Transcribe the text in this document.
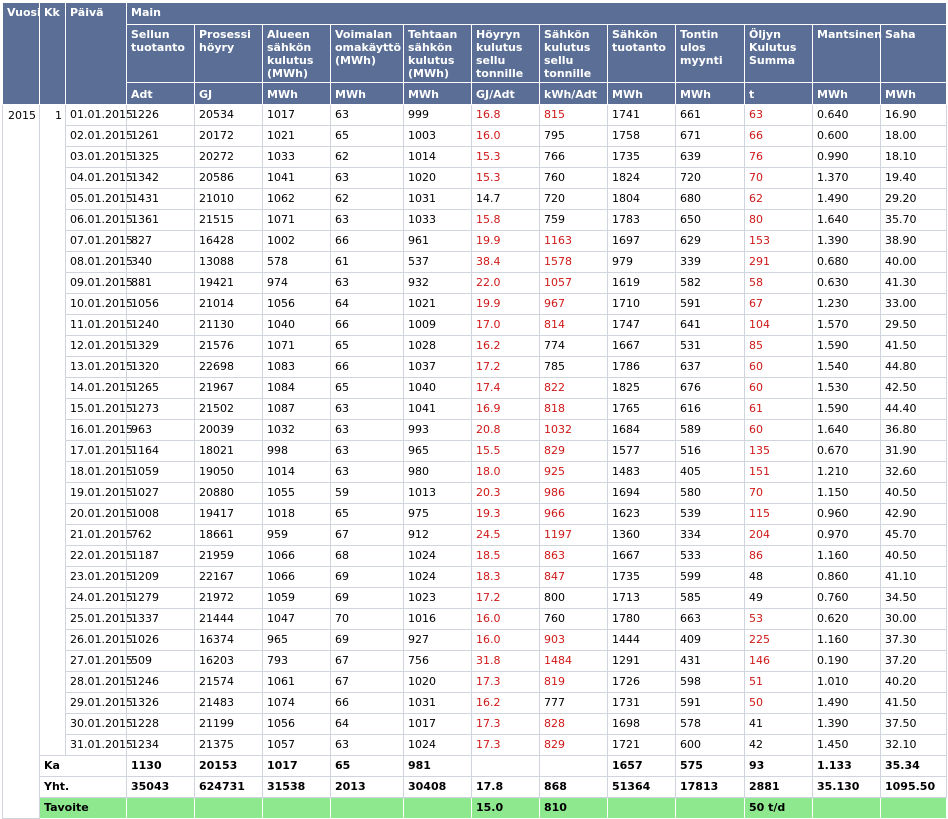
Vuosi	Kk	Päivä	Main											
			Sellun tuotanto	Prosessi höyry	Alueen sähkön kulutus (MWh)	Voimalan omakäyttö (MWh)	Tehtaan sähkön kulutus (MWh)	Höyryn kulutus sellu tonnille	Sähkön kulutus sellu tonnille	Sähkön tuotanto	Tontin ulos myynti	Öljyn Kulutus Summa	Mantsinen	Saha
			Adt	GJ	MWh	MWh	MWh	GJ/Adt	kWh/Adt	MWh	MWh	t	MWh	MWh
2015	1	01.01.2015	1226	20534	1017	63	999	16.8	815	1741	661	63	0.640	16.90
		02.01.2015	1261	20172	1021	65	1003	16.0	795	1758	671	66	0.600	18.00
		03.01.2015	1325	20272	1033	62	1014	15.3	766	1735	639	76	0.990	18.10
		04.01.2015	1342	20586	1041	63	1020	15.3	760	1824	720	70	1.370	19.40
		05.01.2015	1431	21010	1062	62	1031	14.7	720	1804	680	62	1.490	29.20
		06.01.2015	1361	21515	1071	63	1033	15.8	759	1783	650	80	1.640	35.70
		07.01.2015	827	16428	1002	66	961	19.9	1163	1697	629	153	1.390	38.90
		08.01.2015	340	13088	578	61	537	38.4	1578	979	339	291	0.680	40.00
		09.01.2015	881	19421	974	63	932	22.0	1057	1619	582	58	0.630	41.30
		10.01.2015	1056	21014	1056	64	1021	19.9	967	1710	591	67	1.230	33.00
		11.01.2015	1240	21130	1040	66	1009	17.0	814	1747	641	104	1.570	29.50
		12.01.2015	1329	21576	1071	65	1028	16.2	774	1667	531	85	1.590	41.50
		13.01.2015	1320	22698	1083	66	1037	17.2	785	1786	637	60	1.540	44.80
		14.01.2015	1265	21967	1084	65	1040	17.4	822	1825	676	60	1.530	42.50
		15.01.2015	1273	21502	1087	63	1041	16.9	818	1765	616	61	1.590	44.40
		16.01.2015	963	20039	1032	63	993	20.8	1032	1684	589	60	1.640	36.80
		17.01.2015	1164	18021	998	63	965	15.5	829	1577	516	135	0.670	31.90
		18.01.2015	1059	19050	1014	63	980	18.0	925	1483	405	151	1.210	32.60
		19.01.2015	1027	20880	1055	59	1013	20.3	986	1694	580	70	1.150	40.50
		20.01.2015	1008	19417	1018	65	975	19.3	966	1623	539	115	0.960	42.90
		21.01.2015	762	18661	959	67	912	24.5	1197	1360	334	204	0.970	45.70
		22.01.2015	1187	21959	1066	68	1024	18.5	863	1667	533	86	1.160	40.50
		23.01.2015	1209	22167	1066	69	1024	18.3	847	1735	599	48	0.860	41.10
		24.01.2015	1279	21972	1059	69	1023	17.2	800	1713	585	49	0.760	34.50
		25.01.2015	1337	21444	1047	70	1016	16.0	760	1780	663	53	0.620	30.00
		26.01.2015	1026	16374	965	69	927	16.0	903	1444	409	225	1.160	37.30
		27.01.2015	509	16203	793	67	756	31.8	1484	1291	431	146	0.190	37.20
		28.01.2015	1246	21574	1061	67	1020	17.3	819	1726	598	51	1.010	40.20
		29.01.2015	1326	21483	1074	66	1031	16.2	777	1731	591	50	1.490	41.50
		30.01.2015	1228	21199	1056	64	1017	17.3	828	1698	578	41	1.390	37.50
		31.01.2015	1234	21375	1057	63	1024	17.3	829	1721	600	42	1.450	32.10
	Ka		1130	20153	1017	65	981			1657	575	93	1.133	35.34
	Yht.		35043	624731	31538	2013	30408	17.8	868	51364	17813	2881	35.130	1095.50
	Tavoite							15.0	810			50 t/d		
